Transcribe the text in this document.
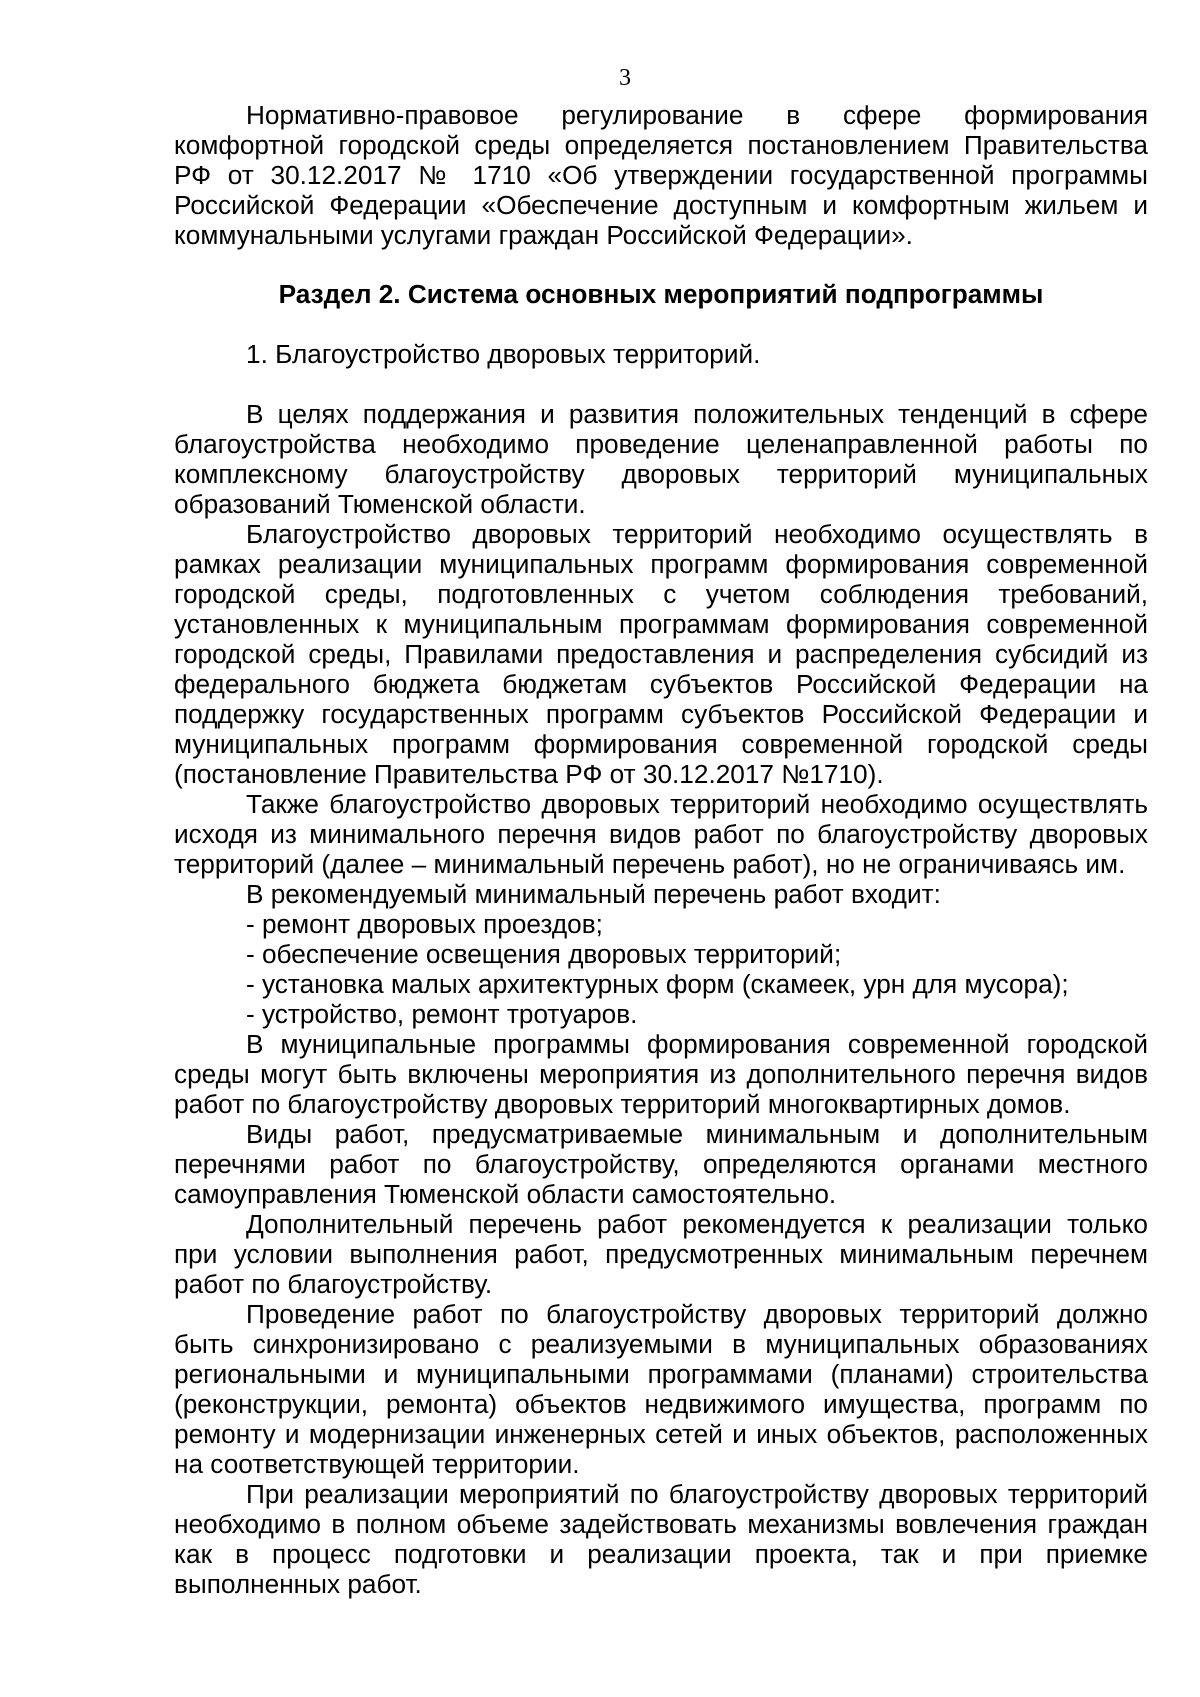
3

Нормативно-правовое регулирование в сфере формирования комфортной городской среды определяется постановлением Правительства РФ от 30.12.2017 № 1710 «Об утверждении государственной программы Российской Федерации «Обеспечение доступным и комфортным жильем и коммунальными услугами граждан Российской Федерации».

Раздел 2. Система основных мероприятий подпрограммы

1. Благоустройство дворовых территорий.

В целях поддержания и развития положительных тенденций в сфере благоустройства необходимо проведение целенаправленной работы по комплексному благоустройству дворовых территорий муниципальных образований Тюменской области.

Благоустройство дворовых территорий необходимо осуществлять в рамках реализации муниципальных программ формирования современной городской среды, подготовленных с учетом соблюдения требований, установленных к муниципальным программам формирования современной городской среды, Правилами предоставления и распределения субсидий из федерального бюджета бюджетам субъектов Российской Федерации на поддержку государственных программ субъектов Российской Федерации и муниципальных программ формирования современной городской среды (постановление Правительства РФ от 30.12.2017 №1710).

Также благоустройство дворовых территорий необходимо осуществлять исходя из минимального перечня видов работ по благоустройству дворовых территорий (далее – минимальный перечень работ), но не ограничиваясь им.

В рекомендуемый минимальный перечень работ входит:

- ремонт дворовых проездов;

- обеспечение освещения дворовых территорий;

- установка малых архитектурных форм (скамеек, урн для мусора);

- устройство, ремонт тротуаров.

В муниципальные программы формирования современной городской среды могут быть включены мероприятия из дополнительного перечня видов работ по благоустройству дворовых территорий многоквартирных домов.

Виды работ, предусматриваемые минимальным и дополнительным перечнями работ по благоустройству, определяются органами местного самоуправления Тюменской области самостоятельно.

Дополнительный перечень работ рекомендуется к реализации только при условии выполнения работ, предусмотренных минимальным перечнем работ по благоустройству.

Проведение работ по благоустройству дворовых территорий должно быть синхронизировано с реализуемыми в муниципальных образованиях региональными и муниципальными программами (планами) строительства (реконструкции, ремонта) объектов недвижимого имущества, программ по ремонту и модернизации инженерных сетей и иных объектов, расположенных на соответствующей территории.

При реализации мероприятий по благоустройству дворовых территорий необходимо в полном объеме задействовать механизмы вовлечения граждан как в процесс подготовки и реализации проекта, так и при приемке выполненных работ.
